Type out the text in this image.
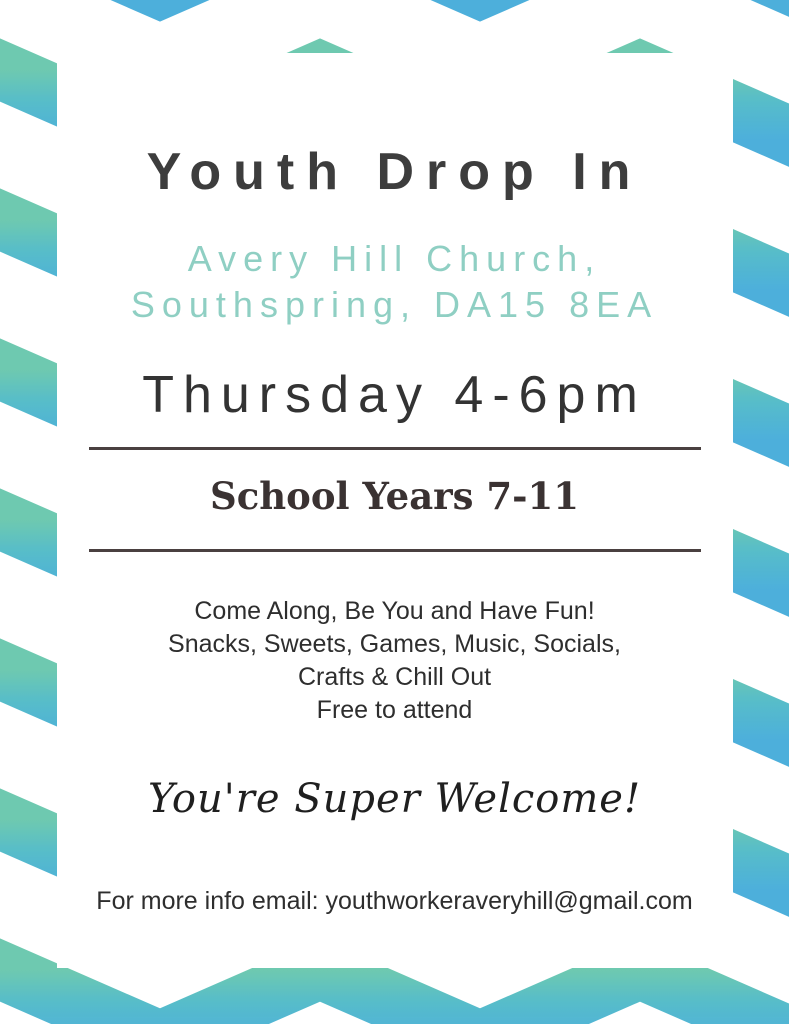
Youth Drop In
Avery Hill Church,
Southspring, DA15 8EA
Thursday 4-6pm
School Years 7-11
Come Along, Be You and Have Fun!
Snacks, Sweets, Games, Music, Socials,
Crafts & Chill Out
Free to attend
You're Super Welcome!
For more info email: youthworkeraveryhill@gmail.com
